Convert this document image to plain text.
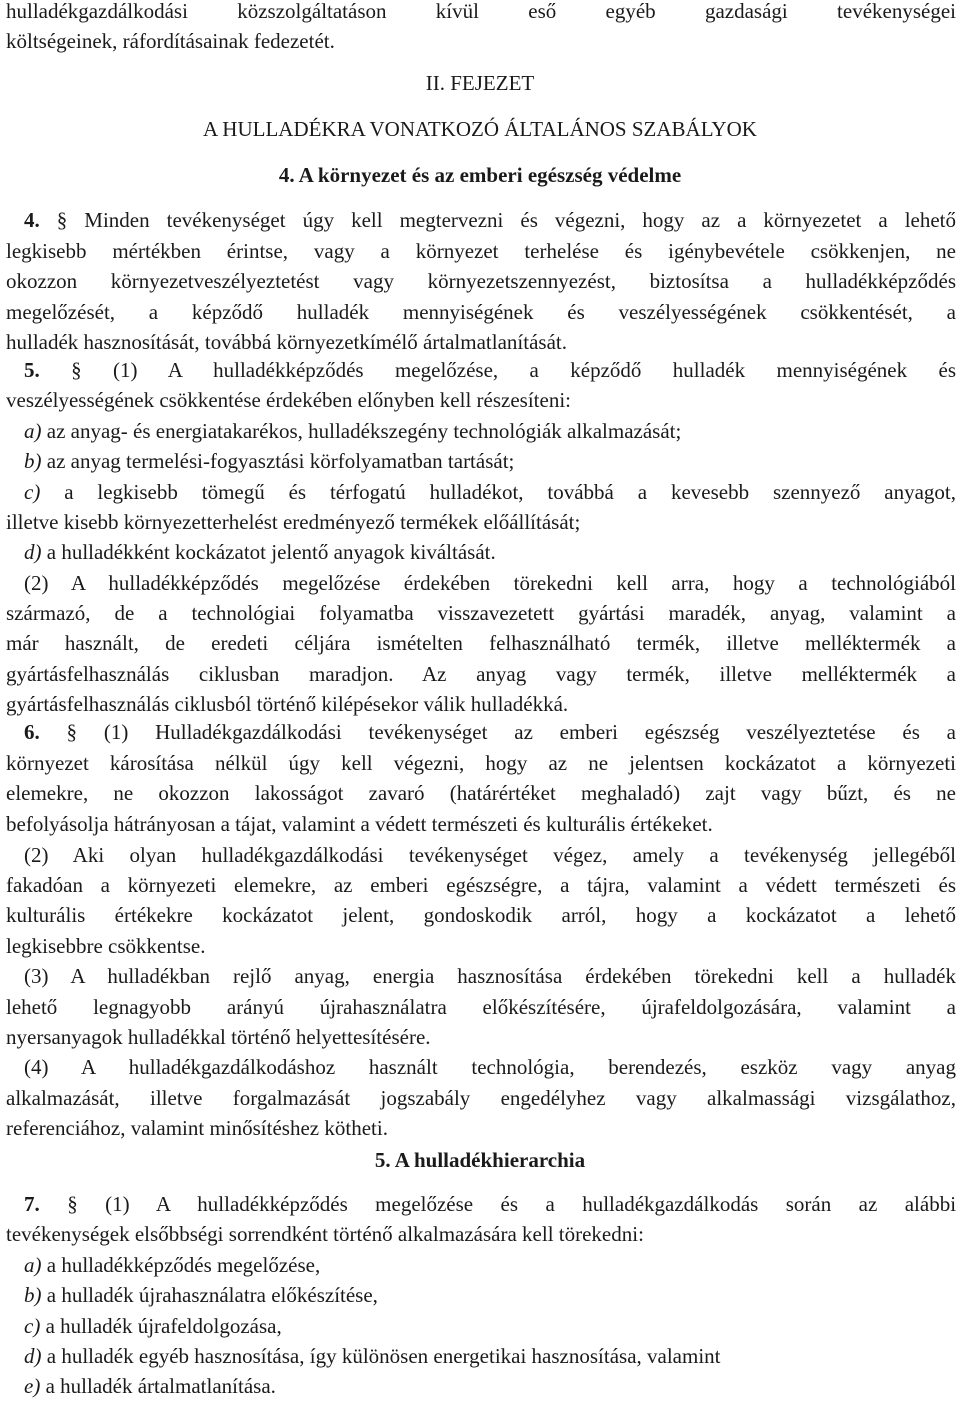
hulladékgazdálkodási közszolgáltatáson kívül eső egyéb gazdasági tevékenységei
költségeinek, ráfordításainak fedezetét.
II. FEJEZET
A HULLADÉKRA VONATKOZÓ ÁLTALÁNOS SZABÁLYOK
4. A környezet és az emberi egészség védelme
4. § Minden tevékenységet úgy kell megtervezni és végezni, hogy az a környezetet a lehető
legkisebb mértékben érintse, vagy a környezet terhelése és igénybevétele csökkenjen, ne
okozzon környezetveszélyeztetést vagy környezetszennyezést, biztosítsa a hulladékképződés
megelőzését, a képződő hulladék mennyiségének és veszélyességének csökkentését, a
hulladék hasznosítását, továbbá környezetkímélő ártalmatlanítását.
5. § (1) A hulladékképződés megelőzése, a képződő hulladék mennyiségének és
veszélyességének csökkentése érdekében előnyben kell részesíteni:
a) az anyag- és energiatakarékos, hulladékszegény technológiák alkalmazását;
b) az anyag termelési-fogyasztási körfolyamatban tartását;
c) a legkisebb tömegű és térfogatú hulladékot, továbbá a kevesebb szennyező anyagot,
illetve kisebb környezetterhelést eredményező termékek előállítását;
d) a hulladékként kockázatot jelentő anyagok kiváltását.
(2) A hulladékképződés megelőzése érdekében törekedni kell arra, hogy a technológiából
származó, de a technológiai folyamatba visszavezetett gyártási maradék, anyag, valamint a
már használt, de eredeti céljára ismételten felhasználható termék, illetve melléktermék a
gyártásfelhasználás ciklusban maradjon. Az anyag vagy termék, illetve melléktermék a
gyártásfelhasználás ciklusból történő kilépésekor válik hulladékká.
6. § (1) Hulladékgazdálkodási tevékenységet az emberi egészség veszélyeztetése és a
környezet károsítása nélkül úgy kell végezni, hogy az ne jelentsen kockázatot a környezeti
elemekre, ne okozzon lakosságot zavaró (határértéket meghaladó) zajt vagy bűzt, és ne
befolyásolja hátrányosan a tájat, valamint a védett természeti és kulturális értékeket.
(2) Aki olyan hulladékgazdálkodási tevékenységet végez, amely a tevékenység jellegéből
fakadóan a környezeti elemekre, az emberi egészségre, a tájra, valamint a védett természeti és
kulturális értékekre kockázatot jelent, gondoskodik arról, hogy a kockázatot a lehető
legkisebbre csökkentse.
(3) A hulladékban rejlő anyag, energia hasznosítása érdekében törekedni kell a hulladék
lehető legnagyobb arányú újrahasználatra előkészítésére, újrafeldolgozására, valamint a
nyersanyagok hulladékkal történő helyettesítésére.
(4) A hulladékgazdálkodáshoz használt technológia, berendezés, eszköz vagy anyag
alkalmazását, illetve forgalmazását jogszabály engedélyhez vagy alkalmassági vizsgálathoz,
referenciához, valamint minősítéshez kötheti.
5. A hulladékhierarchia
7. § (1) A hulladékképződés megelőzése és a hulladékgazdálkodás során az alábbi
tevékenységek elsőbbségi sorrendként történő alkalmazására kell törekedni:
a) a hulladékképződés megelőzése,
b) a hulladék újrahasználatra előkészítése,
c) a hulladék újrafeldolgozása,
d) a hulladék egyéb hasznosítása, így különösen energetikai hasznosítása, valamint
e) a hulladék ártalmatlanítása.
